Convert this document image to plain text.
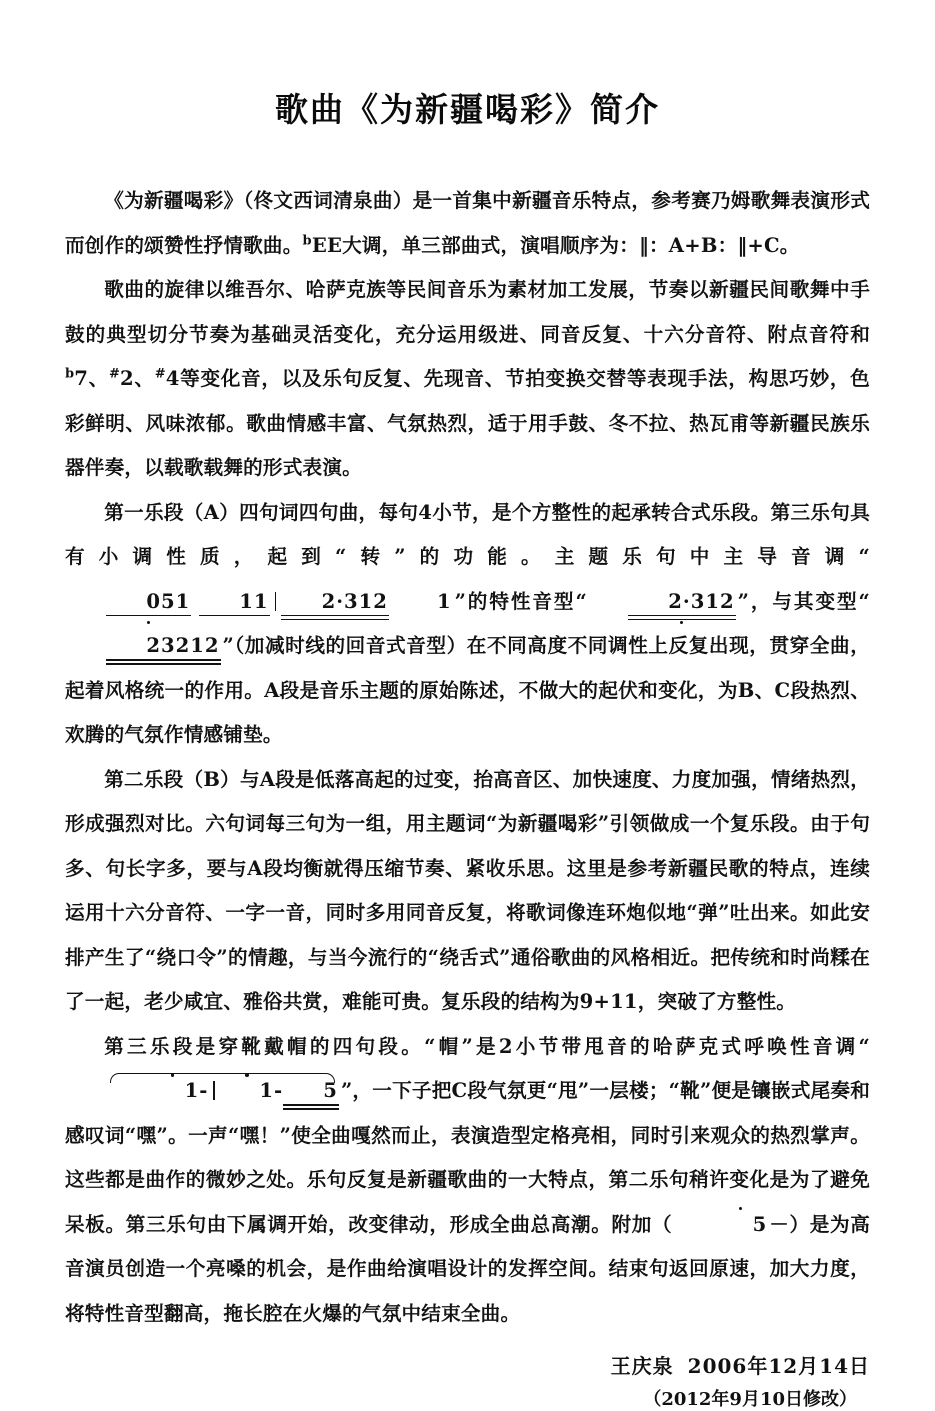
歌曲《为新疆喝彩》简介

《为新疆喝彩》（佟文西词清泉曲）是一首集中新疆音乐特点，参考赛乃姆歌舞表演形式而创作的颂赞性抒情歌曲。$^b$EE大调，单三部曲式，演唱顺序为：‖：A+B：‖+C。

歌曲的旋律以维吾尔、哈萨克族等民间音乐为素材加工发展，节奏以新疆民间歌舞中手鼓的典型切分节奏为基础灵活变化，充分运用级进、同音反复、十六分音符、附点音符和 $^b$7、#2、#4等变化音，以及乐句反复、先现音、节拍变换交替等表现手法，构思巧妙，色彩鲜明、风味浓郁。歌曲情感丰富、气氛热烈，适于用手鼓、冬不拉、热瓦甫等新疆民族乐器伴奏，以载歌载舞的形式表演。

第一乐段（A）四句词四句曲，每句4小节，是个方整性的起承转合式乐段。第三乐句具有小调性质，起到“转”的功能。主题乐句中主导音调“051	11	2·312	1 ”的特性音型“	2·312 ”，与其变型“23212 ”（加减时线的回音式音型）在不同高度不同调性上反复出现，贯穿全曲，起着风格统一的作用。A段是音乐主题的原始陈述，不做大的起伏和变化，为B、C段热烈、欢腾的气氛作情感铺垫。

第二乐段（B）与A段是低落高起的过变，抬高音区、加快速度、力度加强，情绪热烈，形成强烈对比。六句词每三句为一组，用主题词“为新疆喝彩”引领做成一个复乐段。由于句多、句长字多，要与A段均衡就得压缩节奏、紧收乐思。这里是参考新疆民歌的特点，连续运用十六分音符、一字一音，同时多用同音反复，将歌词像连环炮似地“弹”吐出来。如此安排产生了“绕口令”的情趣，与当今流行的“绕舌式”通俗歌曲的风格相近。把传统和时尚糅在了一起，老少咸宜、雅俗共赏，难能可贵。复乐段的结构为9+11，突破了方整性。

第三乐段是穿靴戴帽的四句段。“帽”是2小节带甩音的哈萨克式呼唤性音调“
1-	1- 5 ”，一下子把C段气氛更“甩”一层楼；“靴”便是镶嵌式尾奏和感叹词“嘿”。一声“嘿！”使全曲嘎然而止，表演造型定格亮相，同时引来观众的热烈掌声。这些都是曲作的微妙之处。乐句反复是新疆歌曲的一大特点，第二乐句稍许变化是为了避免呆板。第三乐句由下属调开始，改变律动，形成全曲总高潮。附加（	5 －）是为高音演员创造一个亮嗓的机会，是作曲给演唱设计的发挥空间。结束句返回原速，加大力度，将特性音型翻高，拖长腔在火爆的气氛中结束全曲。

王庆泉 2006年12月14日
（2012年9月10日修改）
